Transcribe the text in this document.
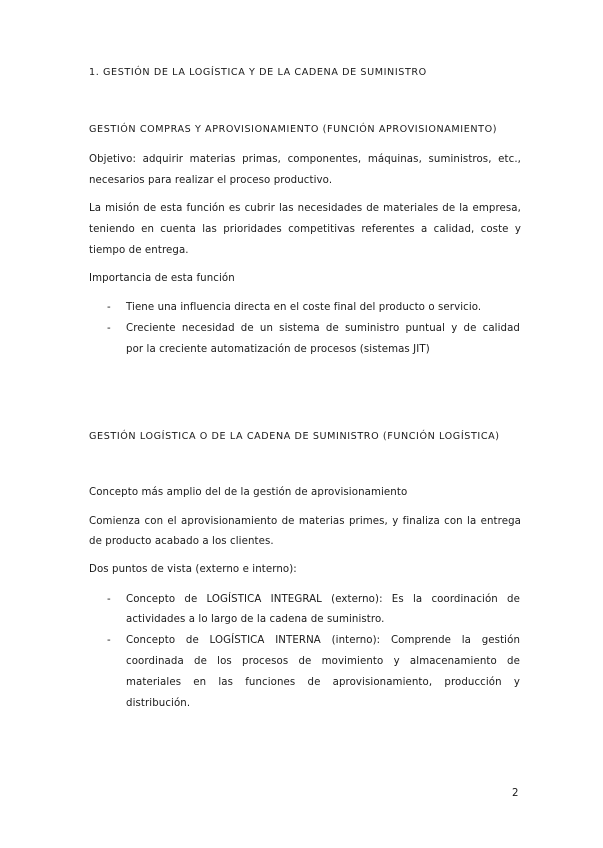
1. GESTIÓN DE LA LOGÍSTICA Y DE LA CADENA DE SUMINISTRO
GESTIÓN COMPRAS Y APROVISIONAMIENTO (FUNCIÓN APROVISIONAMIENTO)
Objetivo: adquirir materias primas, componentes, máquinas, suministros, etc.,
necesarios para realizar el proceso productivo.
La misión de esta función es cubrir las necesidades de materiales de la empresa,
teniendo en cuenta las prioridades competitivas referentes a calidad, coste y
tiempo de entrega.
Importancia de esta función
- Tiene una influencia directa en el coste final del producto o servicio.
- Creciente necesidad de un sistema de suministro puntual y de calidad
por la creciente automatización de procesos (sistemas JIT)
GESTIÓN LOGÍSTICA O DE LA CADENA DE SUMINISTRO (FUNCIÓN LOGÍSTICA)
Concepto más amplio del de la gestión de aprovisionamiento
Comienza con el aprovisionamiento de materias primes, y finaliza con la entrega
de producto acabado a los clientes.
Dos puntos de vista (externo e interno):
- Concepto de LOGÍSTICA INTEGRAL (externo): Es la coordinación de
actividades a lo largo de la cadena de suministro.
- Concepto de LOGÍSTICA INTERNA (interno): Comprende la gestión
coordinada de los procesos de movimiento y almacenamiento de
materiales en las funciones de aprovisionamiento, producción y
distribución.
2
